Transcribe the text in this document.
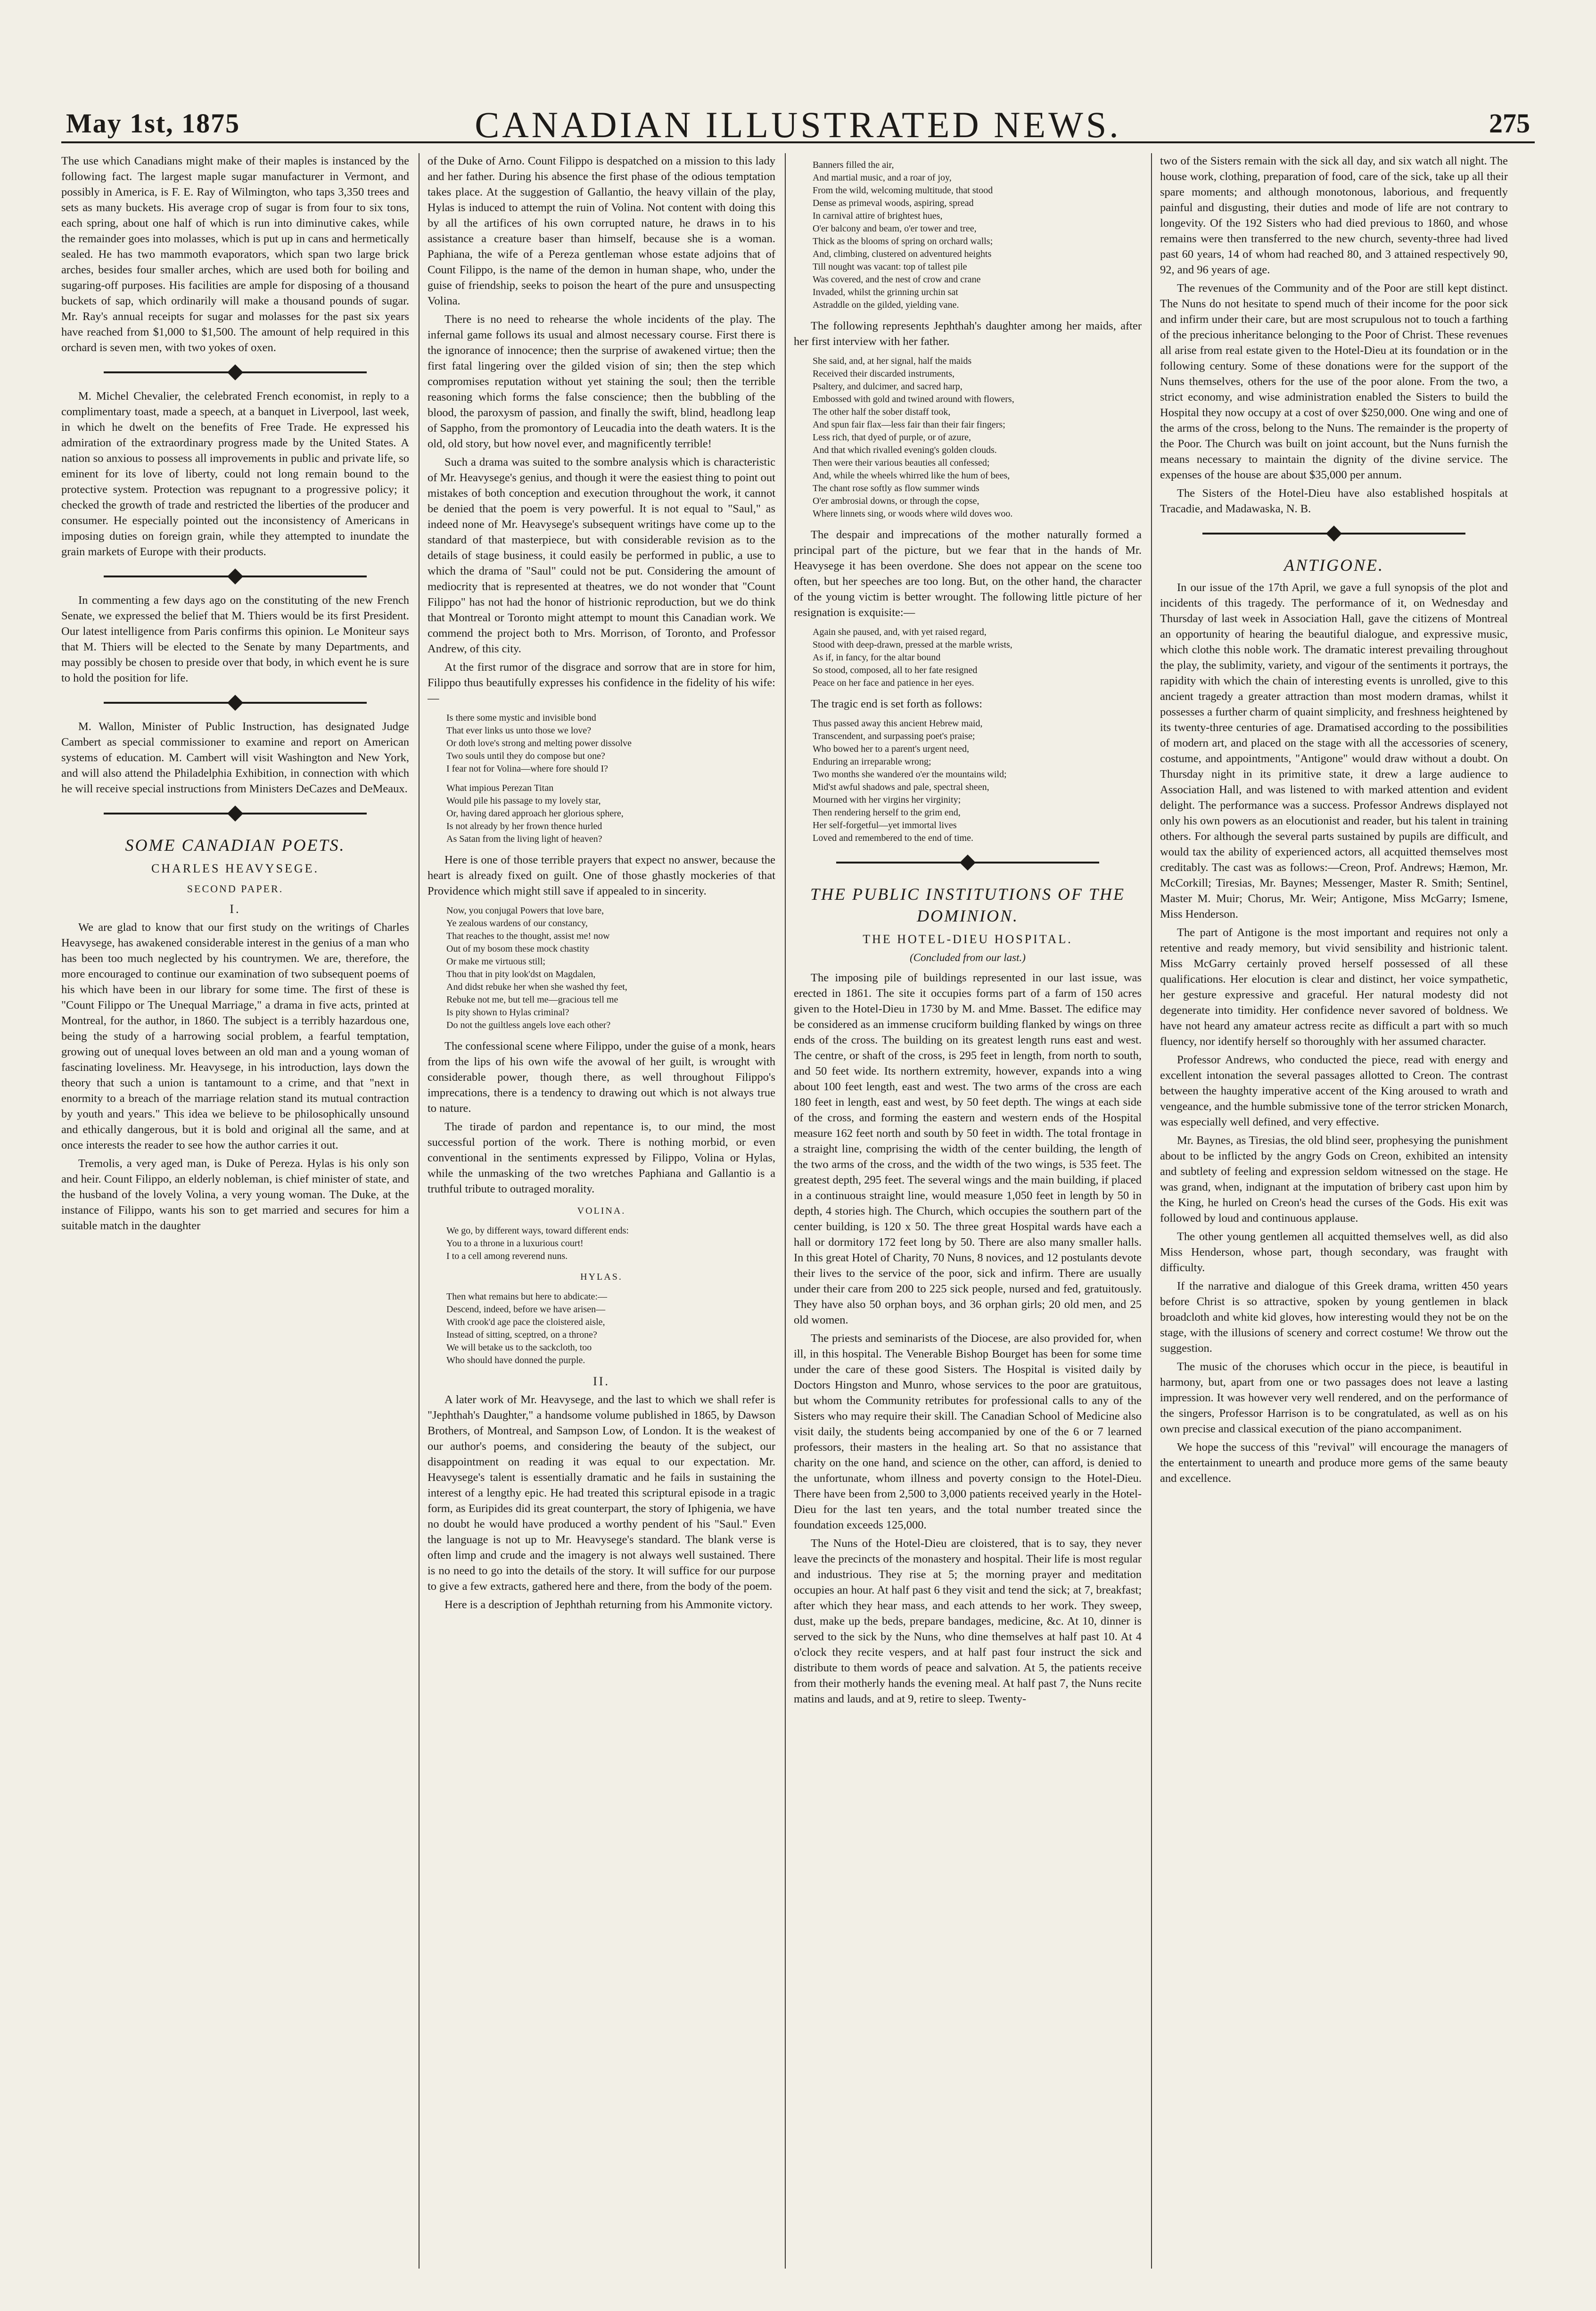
May 1st, 1875	CANADIAN ILLUSTRATED NEWS.	275

The use which Canadians might make of their maples is instanced by the following fact. The largest maple sugar manufacturer in Vermont, and possibly in America, is F. E. Ray of Wilmington, who taps 3,350 trees and sets as many buckets. His average crop of sugar is from four to six tons, each spring, about one half of which is run into diminutive cakes, while the remainder goes into molasses, which is put up in cans and hermetically sealed. He has two mammoth evaporators, which span two large brick arches, besides four smaller arches, which are used both for boiling and sugaring-off purposes. His facilities are ample for disposing of a thousand buckets of sap, which ordinarily will make a thousand pounds of sugar. Mr. Ray's annual receipts for sugar and molasses for the past six years have reached from $1,000 to $1,500. The amount of help required in this orchard is seven men, with two yokes of oxen.

M. Michel Chevalier, the celebrated French economist, in reply to a complimentary toast, made a speech, at a banquet in Liverpool, last week, in which he dwelt on the benefits of Free Trade. He expressed his admiration of the extraordinary progress made by the United States. A nation so anxious to possess all improvements in public and private life, so eminent for its love of liberty, could not long remain bound to the protective system. Protection was repugnant to a progressive policy; it checked the growth of trade and restricted the liberties of the producer and consumer. He especially pointed out the inconsistency of Americans in imposing duties on foreign grain, while they attempted to inundate the grain markets of Europe with their products.

In commenting a few days ago on the constituting of the new French Senate, we expressed the belief that M. Thiers would be its first President. Our latest intelligence from Paris confirms this opinion. Le Moniteur says that M. Thiers will be elected to the Senate by many Departments, and may possibly be chosen to preside over that body, in which event he is sure to hold the position for life.

M. Wallon, Minister of Public Instruction, has designated Judge Cambert as special commissioner to examine and report on American systems of education. M. Cambert will visit Washington and New York, and will also attend the Philadelphia Exhibition, in connection with which he will receive special instructions from Ministers DeCazes and DeMeaux.

SOME CANADIAN POETS.
CHARLES HEAVYSEGE.
SECOND PAPER.
I.

We are glad to know that our first study on the writings of Charles Heavysege, has awakened considerable interest in the genius of a man who has been too much neglected by his countrymen. We are, therefore, the more encouraged to continue our examination of two subsequent poems of his which have been in our library for some time. The first of these is "Count Filippo or The Unequal Marriage," a drama in five acts, printed at Montreal, for the author, in 1860. The subject is a terribly hazardous one, being the study of a harrowing social problem, a fearful temptation, growing out of unequal loves between an old man and a young woman of fascinating loveliness. Mr. Heavysege, in his introduction, lays down the theory that such a union is tantamount to a crime, and that "next in enormity to a breach of the marriage relation stand its mutual contraction by youth and years." This idea we believe to be philosophically unsound and ethically dangerous, but it is bold and original all the same, and at once interests the reader to see how the author carries it out.

Tremolis, a very aged man, is Duke of Pereza. Hylas is his only son and heir. Count Filippo, an elderly nobleman, is chief minister of state, and the husband of the lovely Volina, a very young woman. The Duke, at the instance of Filippo, wants his son to get married and secures for him a suitable match in the daughter

of the Duke of Arno. Count Filippo is despatched on a mission to this lady and her father. During his absence the first phase of the odious temptation takes place. At the suggestion of Gallantio, the heavy villain of the play, Hylas is induced to attempt the ruin of Volina. Not content with doing this by all the artifices of his own corrupted nature, he draws in to his assistance a creature baser than himself, because she is a woman. Paphiana, the wife of a Pereza gentleman whose estate adjoins that of Count Filippo, is the name of the demon in human shape, who, under the guise of friendship, seeks to poison the heart of the pure and unsuspecting Volina.

There is no need to rehearse the whole incidents of the play. The infernal game follows its usual and almost necessary course. First there is the ignorance of innocence; then the surprise of awakened virtue; then the first fatal lingering over the gilded vision of sin; then the step which compromises reputation without yet staining the soul; then the terrible reasoning which forms the false conscience; then the bubbling of the blood, the paroxysm of passion, and finally the swift, blind, headlong leap of Sappho, from the promontory of Leucadia into the death waters. It is the old, old story, but how novel ever, and magnificently terrible!

Such a drama was suited to the sombre analysis which is characteristic of Mr. Heavysege's genius, and though it were the easiest thing to point out mistakes of both conception and execution throughout the work, it cannot be denied that the poem is very powerful. It is not equal to "Saul," as indeed none of Mr. Heavysege's subsequent writings have come up to the standard of that masterpiece, but with considerable revision as to the details of stage business, it could easily be performed in public, a use to which the drama of "Saul" could not be put. Considering the amount of mediocrity that is represented at theatres, we do not wonder that "Count Filippo" has not had the honor of histrionic reproduction, but we do think that Montreal or Toronto might attempt to mount this Canadian work. We commend the project both to Mrs. Morrison, of Toronto, and Professor Andrew, of this city.

At the first rumor of the disgrace and sorrow that are in store for him, Filippo thus beautifully expresses his confidence in the fidelity of his wife:—

Is there some mystic and invisible bond
That ever links us unto those we love?
Or doth love's strong and melting power dissolve
Two souls until they do compose but one?
I fear not for Volina—where fore should I?
What impious Perezan Titan
Would pile his passage to my lovely star,
Or, having dared approach her glorious sphere,
Is not already by her frown thence hurled
As Satan from the living light of heaven?

Here is one of those terrible prayers that expect no answer, because the heart is already fixed on guilt. One of those ghastly mockeries of that Providence which might still save if appealed to in sincerity.

Now, you conjugal Powers that love bare,
Ye zealous wardens of our constancy,
That reaches to the thought, assist me! now
Out of my bosom these mock chastity
Or make me virtuous still;
Thou that in pity look'dst on Magdalen,
And didst rebuke her when she washed thy feet,
Rebuke not me, but tell me—gracious tell me
Is pity shown to Hylas criminal?
Do not the guiltless angels love each other?

The confessional scene where Filippo, under the guise of a monk, hears from the lips of his own wife the avowal of her guilt, is wrought with considerable power, though there, as well throughout Filippo's imprecations, there is a tendency to drawing out which is not always true to nature.

The tirade of pardon and repentance is, to our mind, the most successful portion of the work. There is nothing morbid, or even conventional in the sentiments expressed by Filippo, Volina or Hylas, while the unmasking of the two wretches Paphiana and Gallantio is a truthful tribute to outraged morality.

VOLINA.
We go, by different ways, toward different ends:
You to a throne in a luxurious court!
I to a cell among reverend nuns.
HYLAS.
Then what remains but here to abdicate:—
Descend, indeed, before we have arisen—
With crook'd age pace the cloistered aisle,
Instead of sitting, sceptred, on a throne?
We will betake us to the sackcloth, too
Who should have donned the purple.
II.

A later work of Mr. Heavysege, and the last to which we shall refer is "Jephthah's Daughter," a handsome volume published in 1865, by Dawson Brothers, of Montreal, and Sampson Low, of London. It is the weakest of our author's poems, and considering the beauty of the subject, our disappointment on reading it was equal to our expectation. Mr. Heavysege's talent is essentially dramatic and he fails in sustaining the interest of a lengthy epic. He had treated this scriptural episode in a tragic form, as Euripides did its great counterpart, the story of Iphigenia, we have no doubt he would have produced a worthy pendent of his "Saul." Even the language is not up to Mr. Heavysege's standard. The blank verse is often limp and crude and the imagery is not always well sustained. There is no need to go into the details of the story. It will suffice for our purpose to give a few extracts, gathered here and there, from the body of the poem.

Here is a description of Jephthah returning from his Ammonite victory.

Banners filled the air,
And martial music, and a roar of joy,
From the wild, welcoming multitude, that stood
Dense as primeval woods, aspiring, spread
In carnival attire of brightest hues,
O'er balcony and beam, o'er tower and tree,
Thick as the blooms of spring on orchard walls;
And, climbing, clustered on adventured heights
Till nought was vacant: top of tallest pile
Was covered, and the nest of crow and crane
Invaded, whilst the grinning urchin sat
Astraddle on the gilded, yielding vane.

The following represents Jephthah's daughter among her maids, after her first interview with her father.

She said, and, at her signal, half the maids
Received their discarded instruments,
Psaltery, and dulcimer, and sacred harp,
Embossed with gold and twined around with flowers,
The other half the sober distaff took,
And spun fair flax—less fair than their fair fingers;
Less rich, that dyed of purple, or of azure,
And that which rivalled evening's golden clouds.
Then were their various beauties all confessed;
And, while the wheels whirred like the hum of bees,
The chant rose softly as flow summer winds
O'er ambrosial downs, or through the copse,
Where linnets sing, or woods where wild doves woo.

The despair and imprecations of the mother naturally formed a principal part of the picture, but we fear that in the hands of Mr. Heavysege it has been overdone. She does not appear on the scene too often, but her speeches are too long. But, on the other hand, the character of the young victim is better wrought. The following little picture of her resignation is exquisite:—

Again she paused, and, with yet raised regard,
Stood with deep-drawn, pressed at the marble wrists,
As if, in fancy, for the altar bound
So stood, composed, all to her fate resigned
Peace on her face and patience in her eyes.

The tragic end is set forth as follows:

Thus passed away this ancient Hebrew maid,
Transcendent, and surpassing poet's praise;
Who bowed her to a parent's urgent need,
Enduring an irreparable wrong;
Two months she wandered o'er the mountains wild;
Mid'st awful shadows and pale, spectral sheen,
Mourned with her virgins her virginity;
Then rendering herself to the grim end,
Her self-forgetful—yet immortal lives
Loved and remembered to the end of time.
THE PUBLIC INSTITUTIONS OF THE DOMINION.
THE HOTEL-DIEU HOSPITAL.
(Concluded from our last.)

The imposing pile of buildings represented in our last issue, was erected in 1861. The site it occupies forms part of a farm of 150 acres given to the Hotel-Dieu in 1730 by M. and Mme. Basset. The edifice may be considered as an immense cruciform building flanked by wings on three ends of the cross. The building on its greatest length runs east and west. The centre, or shaft of the cross, is 295 feet in length, from north to south, and 50 feet wide. Its northern extremity, however, expands into a wing about 100 feet length, east and west. The two arms of the cross are each 180 feet in length, east and west, by 50 feet depth. The wings at each side of the cross, and forming the eastern and western ends of the Hospital measure 162 feet north and south by 50 feet in width. The total frontage in a straight line, comprising the width of the center building, the length of the two arms of the cross, and the width of the two wings, is 535 feet. The greatest depth, 295 feet. The several wings and the main building, if placed in a continuous straight line, would measure 1,050 feet in length by 50 in depth, 4 stories high. The Church, which occupies the southern part of the center building, is 120 x 50. The three great Hospital wards have each a hall or dormitory 172 feet long by 50. There are also many smaller halls. In this great Hotel of Charity, 70 Nuns, 8 novices, and 12 postulants devote their lives to the service of the poor, sick and infirm. There are usually under their care from 200 to 225 sick people, nursed and fed, gratuitously. They have also 50 orphan boys, and 36 orphan girls; 20 old men, and 25 old women.

The priests and seminarists of the Diocese, are also provided for, when ill, in this hospital. The Venerable Bishop Bourget has been for some time under the care of these good Sisters. The Hospital is visited daily by Doctors Hingston and Munro, whose services to the poor are gratuitous, but whom the Community retributes for professional calls to any of the Sisters who may require their skill. The Canadian School of Medicine also visit daily, the students being accompanied by one of the 6 or 7 learned professors, their masters in the healing art. So that no assistance that charity on the one hand, and science on the other, can afford, is denied to the unfortunate, whom illness and poverty consign to the Hotel-Dieu. There have been from 2,500 to 3,000 patients received yearly in the Hotel-Dieu for the last ten years, and the total number treated since the foundation exceeds 125,000.

The Nuns of the Hotel-Dieu are cloistered, that is to say, they never leave the precincts of the monastery and hospital. Their life is most regular and industrious. They rise at 5; the morning prayer and meditation occupies an hour. At half past 6 they visit and tend the sick; at 7, breakfast; after which they hear mass, and each attends to her work. They sweep, dust, make up the beds, prepare bandages, medicine, &c. At 10, dinner is served to the sick by the Nuns, who dine themselves at half past 10. At 4 o'clock they recite vespers, and at half past four instruct the sick and distribute to them words of peace and salvation. At 5, the patients receive from their motherly hands the evening meal. At half past 7, the Nuns recite matins and lauds, and at 9, retire to sleep. Twenty-

two of the Sisters remain with the sick all day, and six watch all night. The house work, clothing, preparation of food, care of the sick, take up all their spare moments; and although monotonous, laborious, and frequently painful and disgusting, their duties and mode of life are not contrary to longevity. Of the 192 Sisters who had died previous to 1860, and whose remains were then transferred to the new church, seventy-three had lived past 60 years, 14 of whom had reached 80, and 3 attained respectively 90, 92, and 96 years of age.

The revenues of the Community and of the Poor are still kept distinct. The Nuns do not hesitate to spend much of their income for the poor sick and infirm under their care, but are most scrupulous not to touch a farthing of the precious inheritance belonging to the Poor of Christ. These revenues all arise from real estate given to the Hotel-Dieu at its foundation or in the following century. Some of these donations were for the support of the Nuns themselves, others for the use of the poor alone. From the two, a strict economy, and wise administration enabled the Sisters to build the Hospital they now occupy at a cost of over $250,000. One wing and one of the arms of the cross, belong to the Nuns. The remainder is the property of the Poor. The Church was built on joint account, but the Nuns furnish the means necessary to maintain the dignity of the divine service. The expenses of the house are about $35,000 per annum.

The Sisters of the Hotel-Dieu have also established hospitals at Tracadie, and Madawaska, N. B.

ANTIGONE.

In our issue of the 17th April, we gave a full synopsis of the plot and incidents of this tragedy. The performance of it, on Wednesday and Thursday of last week in Association Hall, gave the citizens of Montreal an opportunity of hearing the beautiful dialogue, and expressive music, which clothe this noble work. The dramatic interest prevailing throughout the play, the sublimity, variety, and vigour of the sentiments it portrays, the rapidity with which the chain of interesting events is unrolled, give to this ancient tragedy a greater attraction than most modern dramas, whilst it possesses a further charm of quaint simplicity, and freshness heightened by its twenty-three centuries of age. Dramatised according to the possibilities of modern art, and placed on the stage with all the accessories of scenery, costume, and appointments, "Antigone" would draw without a doubt. On Thursday night in its primitive state, it drew a large audience to Association Hall, and was listened to with marked attention and evident delight. The performance was a success. Professor Andrews displayed not only his own powers as an elocutionist and reader, but his talent in training others. For although the several parts sustained by pupils are difficult, and would tax the ability of experienced actors, all acquitted themselves most creditably. The cast was as follows:—Creon, Prof. Andrews; Hæmon, Mr. McCorkill; Tiresias, Mr. Baynes; Messenger, Master R. Smith; Sentinel, Master M. Muir; Chorus, Mr. Weir; Antigone, Miss McGarry; Ismene, Miss Henderson.

The part of Antigone is the most important and requires not only a retentive and ready memory, but vivid sensibility and histrionic talent. Miss McGarry certainly proved herself possessed of all these qualifications. Her elocution is clear and distinct, her voice sympathetic, her gesture expressive and graceful. Her natural modesty did not degenerate into timidity. Her confidence never savored of boldness. We have not heard any amateur actress recite as difficult a part with so much fluency, nor identify herself so thoroughly with her assumed character.

Professor Andrews, who conducted the piece, read with energy and excellent intonation the several passages allotted to Creon. The contrast between the haughty imperative accent of the King aroused to wrath and vengeance, and the humble submissive tone of the terror stricken Monarch, was especially well defined, and very effective.

Mr. Baynes, as Tiresias, the old blind seer, prophesying the punishment about to be inflicted by the angry Gods on Creon, exhibited an intensity and subtlety of feeling and expression seldom witnessed on the stage. He was grand, when, indignant at the imputation of bribery cast upon him by the King, he hurled on Creon's head the curses of the Gods. His exit was followed by loud and continuous applause.

The other young gentlemen all acquitted themselves well, as did also Miss Henderson, whose part, though secondary, was fraught with difficulty.

If the narrative and dialogue of this Greek drama, written 450 years before Christ is so attractive, spoken by young gentlemen in black broadcloth and white kid gloves, how interesting would they not be on the stage, with the illusions of scenery and correct costume! We throw out the suggestion.

The music of the choruses which occur in the piece, is beautiful in harmony, but, apart from one or two passages does not leave a lasting impression. It was however very well rendered, and on the performance of the singers, Professor Harrison is to be congratulated, as well as on his own precise and classical execution of the piano accompaniment.

We hope the success of this "revival" will encourage the managers of the entertainment to unearth and produce more gems of the same beauty and excellence.
